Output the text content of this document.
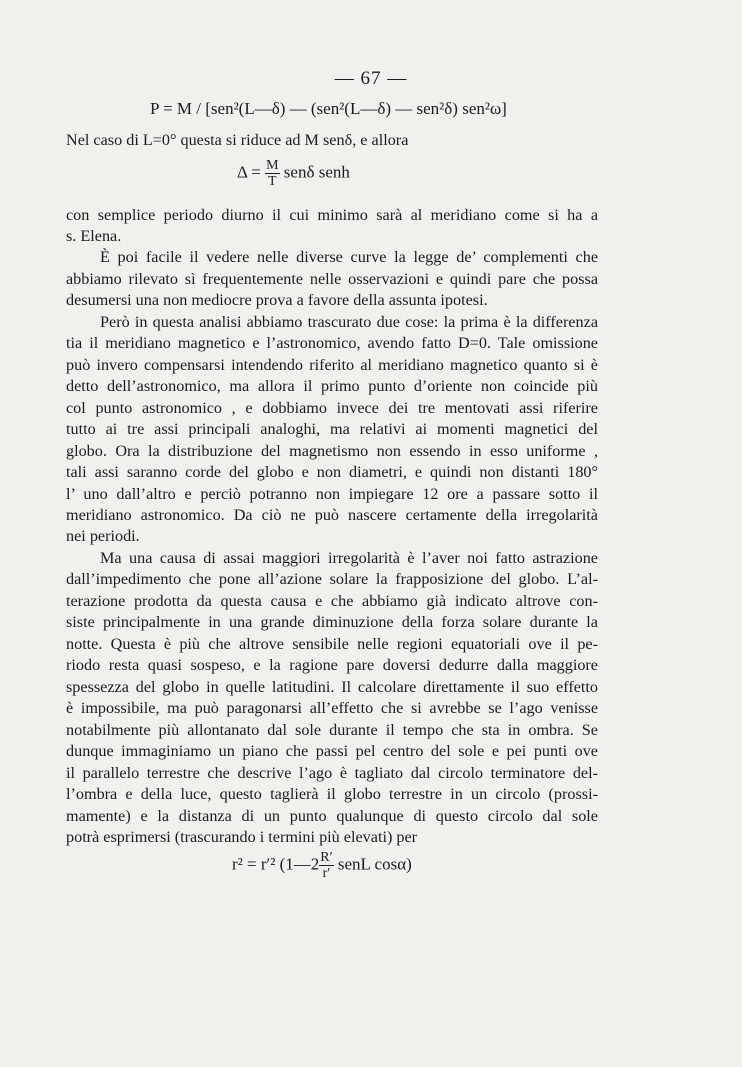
— 67 —
P = M / [sen²(L—δ) — (sen²(L—δ) — sen²δ) sen²ω]
Nel caso di L=0° questa si riduce ad M senδ, e allora
$\Delta = \frac{M}{T}$ senδ senh
con semplice periodo diurno il cui minimo sarà al meridiano come si ha a
s. Elena.
È poi facile il vedere nelle diverse curve la legge de’ complementi che
abbiamo rilevato sì frequentemente nelle osservazioni e quindi pare che possa
desumersi una non mediocre prova a favore della assunta ipotesi.
Però in questa analisi abbiamo trascurato due cose: la prima è la differenza
tia il meridiano magnetico e l’astronomico, avendo fatto D=0. Tale omissione
può invero compensarsi intendendo riferito al meridiano magnetico quanto si è
detto dell’astronomico, ma allora il primo punto d’oriente non coincide più
col punto astronomico , e dobbiamo invece dei tre mentovati assi riferire
tutto ai tre assi principali analoghi, ma relativi ai momenti magnetici del
globo. Ora la distribuzione del magnetismo non essendo in esso uniforme ,
tali assi saranno corde del globo e non diametri, e quindi non distanti 180°
l’ uno dall’altro e perciò potranno non impiegare 12 ore a passare sotto il
meridiano astronomico. Da ciò ne può nascere certamente della irregolarità
nei periodi.
Ma una causa di assai maggiori irregolarità è l’aver noi fatto astrazione
dall’impedimento che pone all’azione solare la frapposizione del globo. L’al-
terazione prodotta da questa causa e che abbiamo già indicato altrove con-
siste principalmente in una grande diminuzione della forza solare durante la
notte. Questa è più che altrove sensibile nelle regioni equatoriali ove il pe-
riodo resta quasi sospeso, e la ragione pare doversi dedurre dalla maggiore
spessezza del globo in quelle latitudini. Il calcolare direttamente il suo effetto
è impossibile, ma può paragonarsi all’effetto che si avrebbe se l’ago venisse
notabilmente più allontanato dal sole durante il tempo che sta in ombra. Se
dunque immaginiamo un piano che passi pel centro del sole e pei punti ove
il parallelo terrestre che descrive l’ago è tagliato dal circolo terminatore del-
l’ombra e della luce, questo taglierà il globo terrestre in un circolo (prossi-
mamente) e la distanza di un punto qualunque di questo circolo dal sole
potrà esprimersi (trascurando i termini più elevati) per
r² = r′² (1—2 $\frac{R'}{r'}$ senL cosα)
